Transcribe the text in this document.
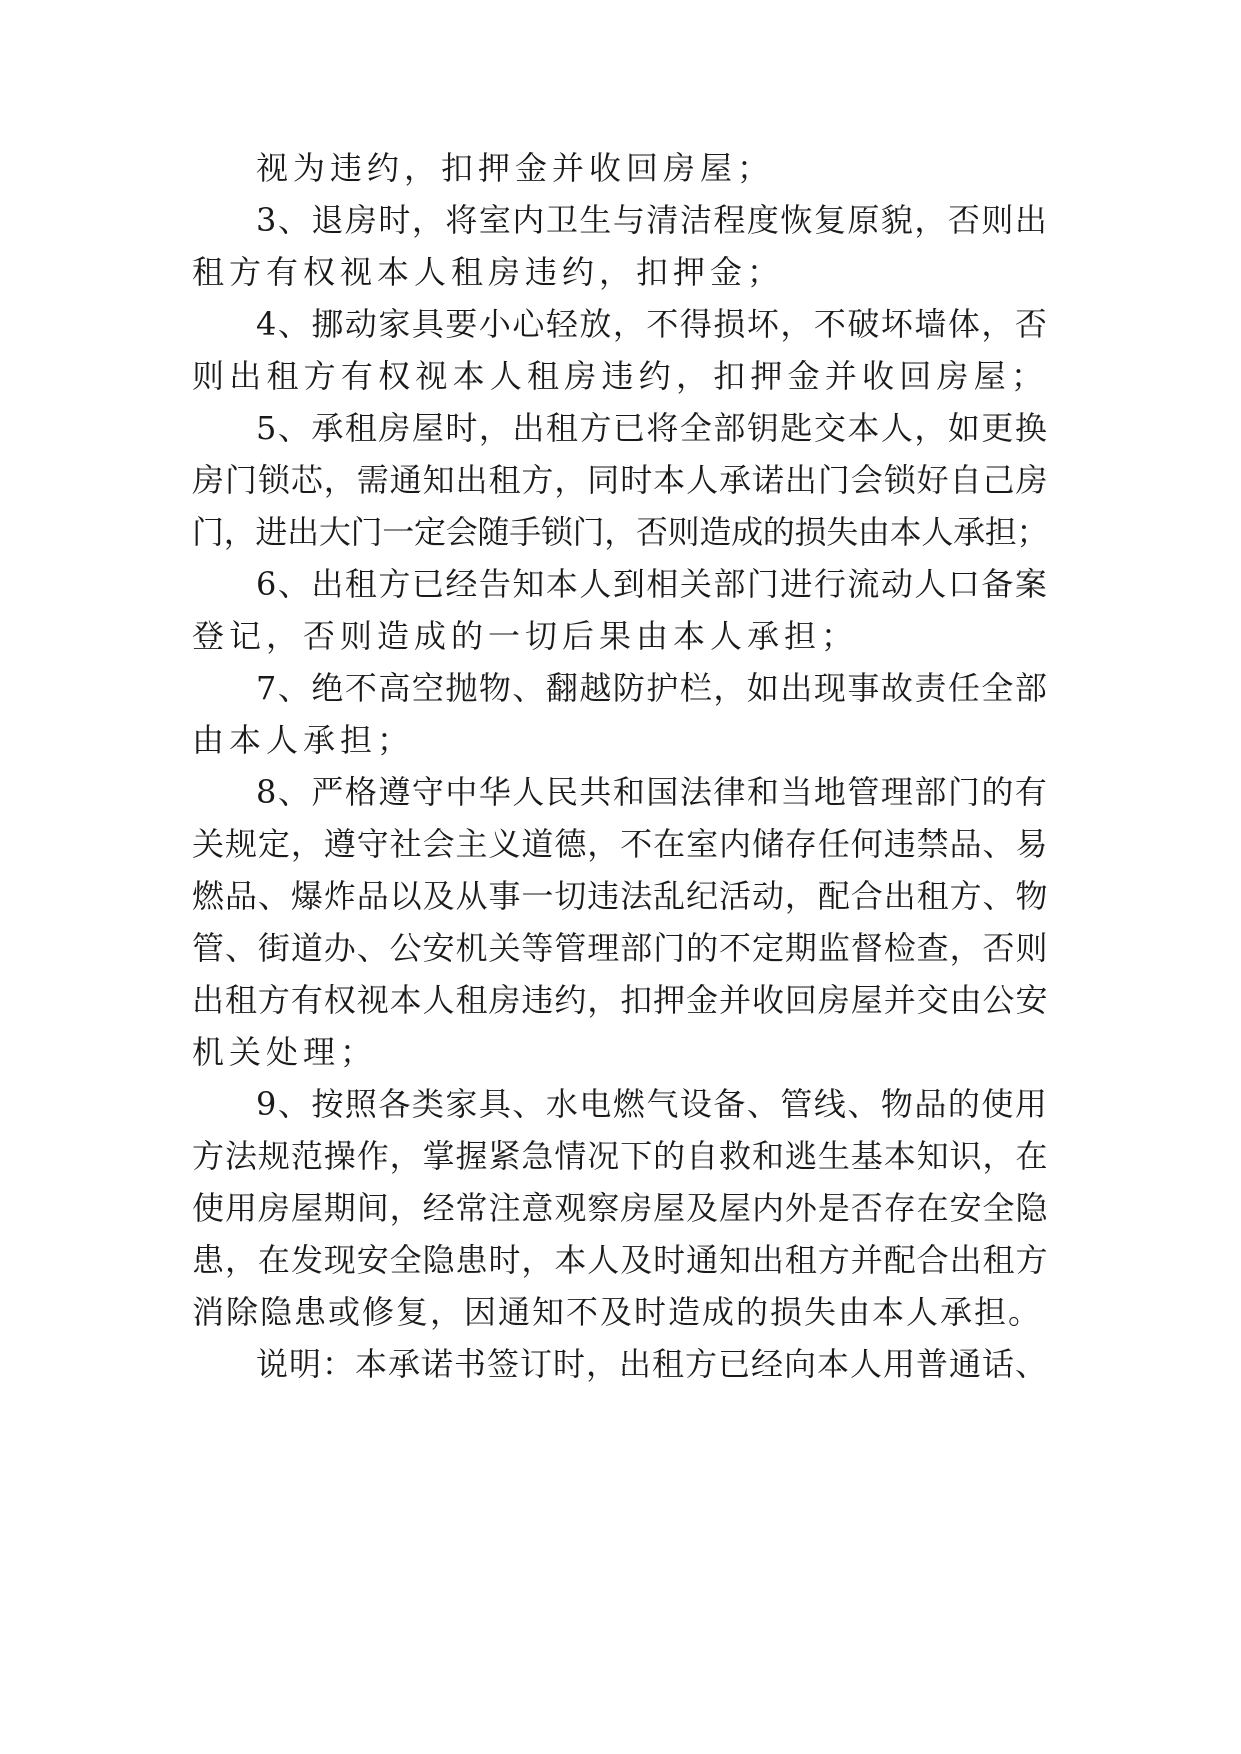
视为违约，扣押金并收回房屋；
3、退房时，将室内卫生与清洁程度恢复原貌，否则出
租方有权视本人租房违约，扣押金；
4、挪动家具要小心轻放，不得损坏，不破坏墙体，否
则出租方有权视本人租房违约，扣押金并收回房屋；
5、承租房屋时，出租方已将全部钥匙交本人，如更换
房门锁芯，需通知出租方，同时本人承诺出门会锁好自己房
门，进出大门一定会随手锁门，否则造成的损失由本人承担；
6、出租方已经告知本人到相关部门进行流动人口备案
登记，否则造成的一切后果由本人承担；
7、绝不高空抛物、翻越防护栏，如出现事故责任全部
由本人承担；
8、严格遵守中华人民共和国法律和当地管理部门的有
关规定，遵守社会主义道德，不在室内储存任何违禁品、易
燃品、爆炸品以及从事一切违法乱纪活动，配合出租方、物
管、街道办、公安机关等管理部门的不定期监督检查，否则
出租方有权视本人租房违约，扣押金并收回房屋并交由公安
机关处理；
9、按照各类家具、水电燃气设备、管线、物品的使用
方法规范操作，掌握紧急情况下的自救和逃生基本知识，在
使用房屋期间，经常注意观察房屋及屋内外是否存在安全隐
患，在发现安全隐患时，本人及时通知出租方并配合出租方
消除隐患或修复，因通知不及时造成的损失由本人承担。
说明：本承诺书签订时，出租方已经向本人用普通话、
